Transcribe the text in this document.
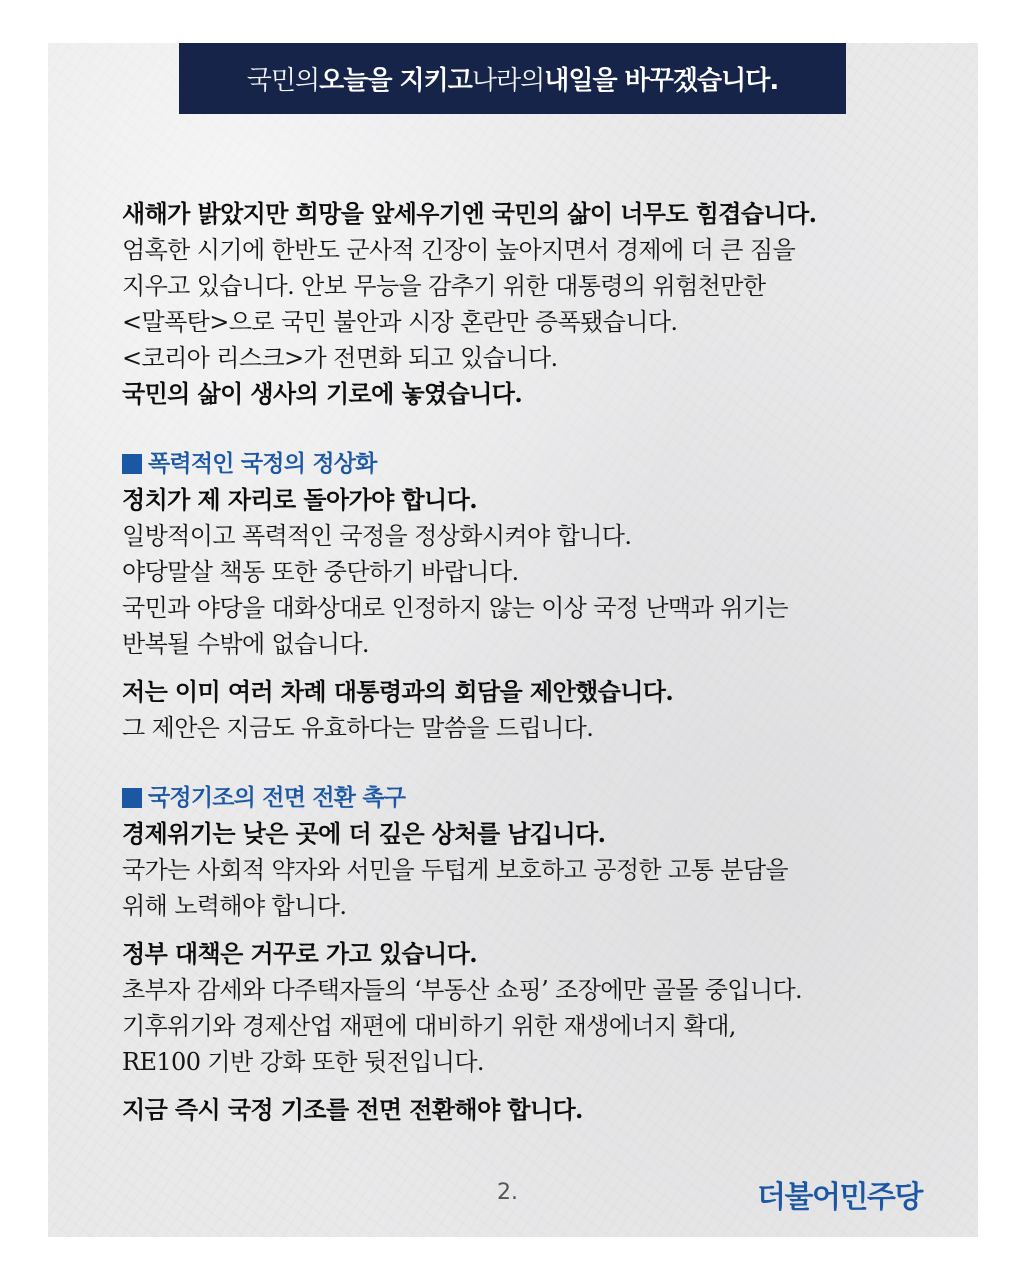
국민의 오늘을 지키고 나라의 내일을 바꾸겠습니다.
새해가 밝았지만 희망을 앞세우기엔 국민의 삶이 너무도 힘겹습니다.
엄혹한 시기에 한반도 군사적 긴장이 높아지면서 경제에 더 큰 짐을
지우고 있습니다. 안보 무능을 감추기 위한 대통령의 위험천만한
<말폭탄>으로 국민 불안과 시장 혼란만 증폭됐습니다.
<코리아 리스크>가 전면화 되고 있습니다.
국민의 삶이 생사의 기로에 놓였습니다.
폭력적인 국정의 정상화
정치가 제 자리로 돌아가야 합니다.
일방적이고 폭력적인 국정을 정상화시켜야 합니다.
야당말살 책동 또한 중단하기 바랍니다.
국민과 야당을 대화상대로 인정하지 않는 이상 국정 난맥과 위기는
반복될 수밖에 없습니다.
저는 이미 여러 차례 대통령과의 회담을 제안했습니다.
그 제안은 지금도 유효하다는 말씀을 드립니다.
국정기조의 전면 전환 촉구
경제위기는 낮은 곳에 더 깊은 상처를 남깁니다.
국가는 사회적 약자와 서민을 두텁게 보호하고 공정한 고통 분담을
위해 노력해야 합니다.
정부 대책은 거꾸로 가고 있습니다.
초부자 감세와 다주택자들의 ‘부동산 쇼핑’ 조장에만 골몰 중입니다.
기후위기와 경제산업 재편에 대비하기 위한 재생에너지 확대,
RE100 기반 강화 또한 뒷전입니다.
지금 즉시 국정 기조를 전면 전환해야 합니다.
2.	더불어민주당
